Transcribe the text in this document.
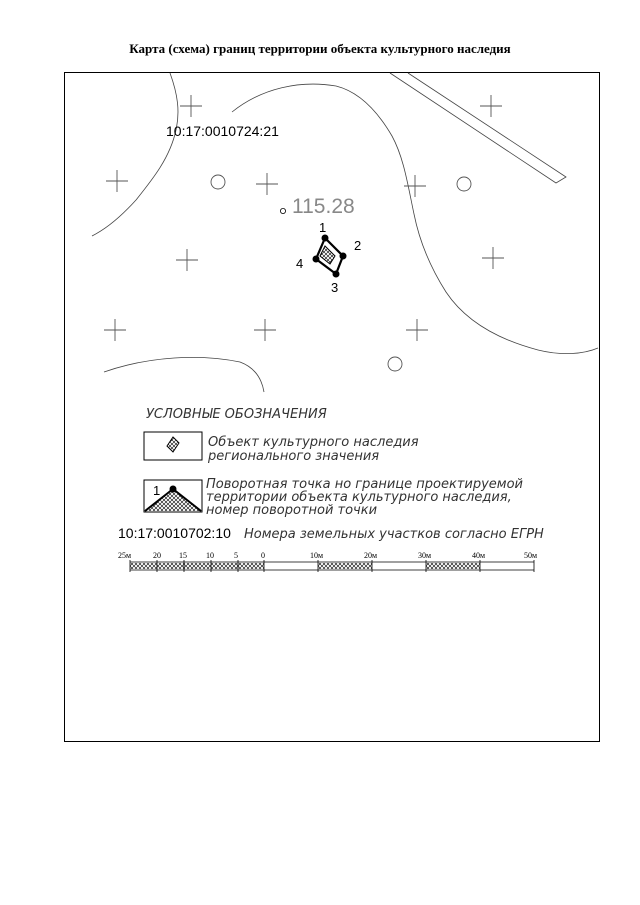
Карта (схема) границ территории объекта культурного наследия
10:17:0010724:21
115.28
1
2
3
4
УСЛОВНЫЕ ОБОЗНАЧЕНИЯ
Объект культурного наследия
регионального значения
1	Поворотная точка но границе проектируемой
территории объекта культурного наследия,
номер поворотной точки
10:17:0010702:10 Номера земельных участков согласно ЕГРН
25м	20 15 10	5	0	10м	20м	30м	40м	50м
